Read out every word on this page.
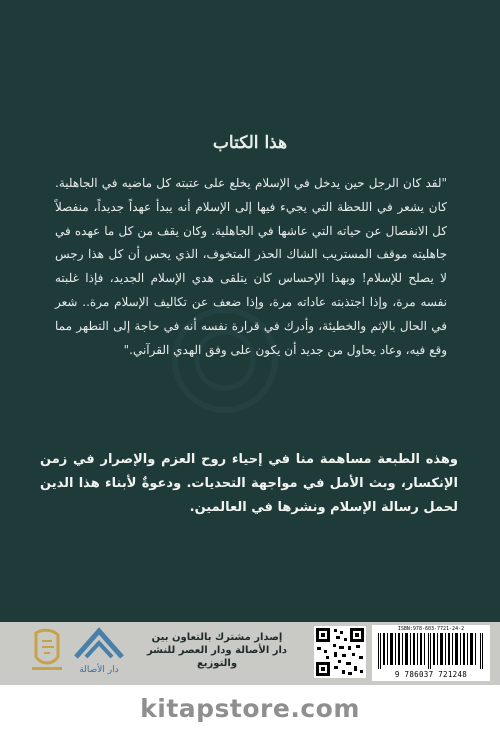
هذا الكتاب
"لقد كان الرجل حين يدخل في الإسلام يخلع على عتبته كل ماضيه في الجاهلية. كان يشعر في اللحظة التي يجيء فيها إلى الإسلام أنه يبدأ عهداً جديداً، منفصلاً كل الانفصال عن حياته التي عاشها في الجاهلية. وكان يقف من كل ما عهده في جاهليته موقف المستريب الشاك الحذر المتخوف، الذي يحس أن كل هذا رجس لا يصلح للإسلام! وبهذا الإحساس كان يتلقى هدي الإسلام الجديد، فإذا غلبته نفسه مرة، وإذا اجتذبته عاداته مرة، وإذا ضعف عن تكاليف الإسلام مرة.. شعر في الحال بالإثم والخطيئة، وأدرك في قرارة نفسه أنه في حاجة إلى التطهر مما وقع فيه، وعاد يحاول من جديد أن يكون على وفق الهدي القرآني."
وهذه الطبعة مساهمة منا في إحياء روح العزم والإصرار في زمن الإنكسار، وبث الأمل في مواجهة التحديات. ودعوةٌ لأبناء هذا الدين لحمل رسالة الإسلام ونشرها في العالمين.
دار الأصالة
إصدار مشترك بالتعاون بين
دار الأصالة ودار العصر للنشر والتوزيع
ISBN:978-603-7721-24-2
9 786037 721248
kitapstore.com
